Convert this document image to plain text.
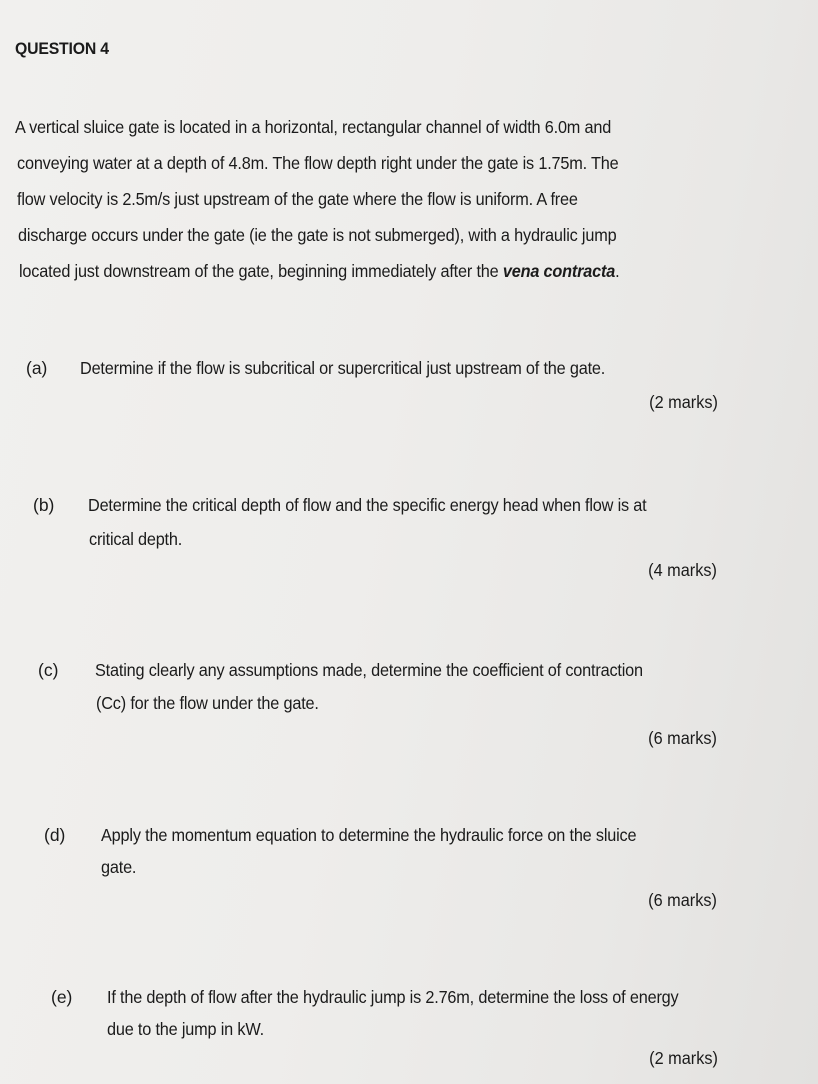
QUESTION 4
A vertical sluice gate is located in a horizontal, rectangular channel of width 6.0m and
conveying water at a depth of 4.8m. The flow depth right under the gate is 1.75m. The
flow velocity is 2.5m/s just upstream of the gate where the flow is uniform. A free
discharge occurs under the gate (ie the gate is not submerged), with a hydraulic jump
located just downstream of the gate, beginning immediately after the vena contracta.
(a) Determine if the flow is subcritical or supercritical just upstream of the gate.
(2 marks)
(b) Determine the critical depth of flow and the specific energy head when flow is at
critical depth.
(4 marks)
(c) Stating clearly any assumptions made, determine the coefficient of contraction
(Cc) for the flow under the gate.
(6 marks)
(d) Apply the momentum equation to determine the hydraulic force on the sluice
gate.
(6 marks)
(e) If the depth of flow after the hydraulic jump is 2.76m, determine the loss of energy
due to the jump in kW.
(2 marks)
